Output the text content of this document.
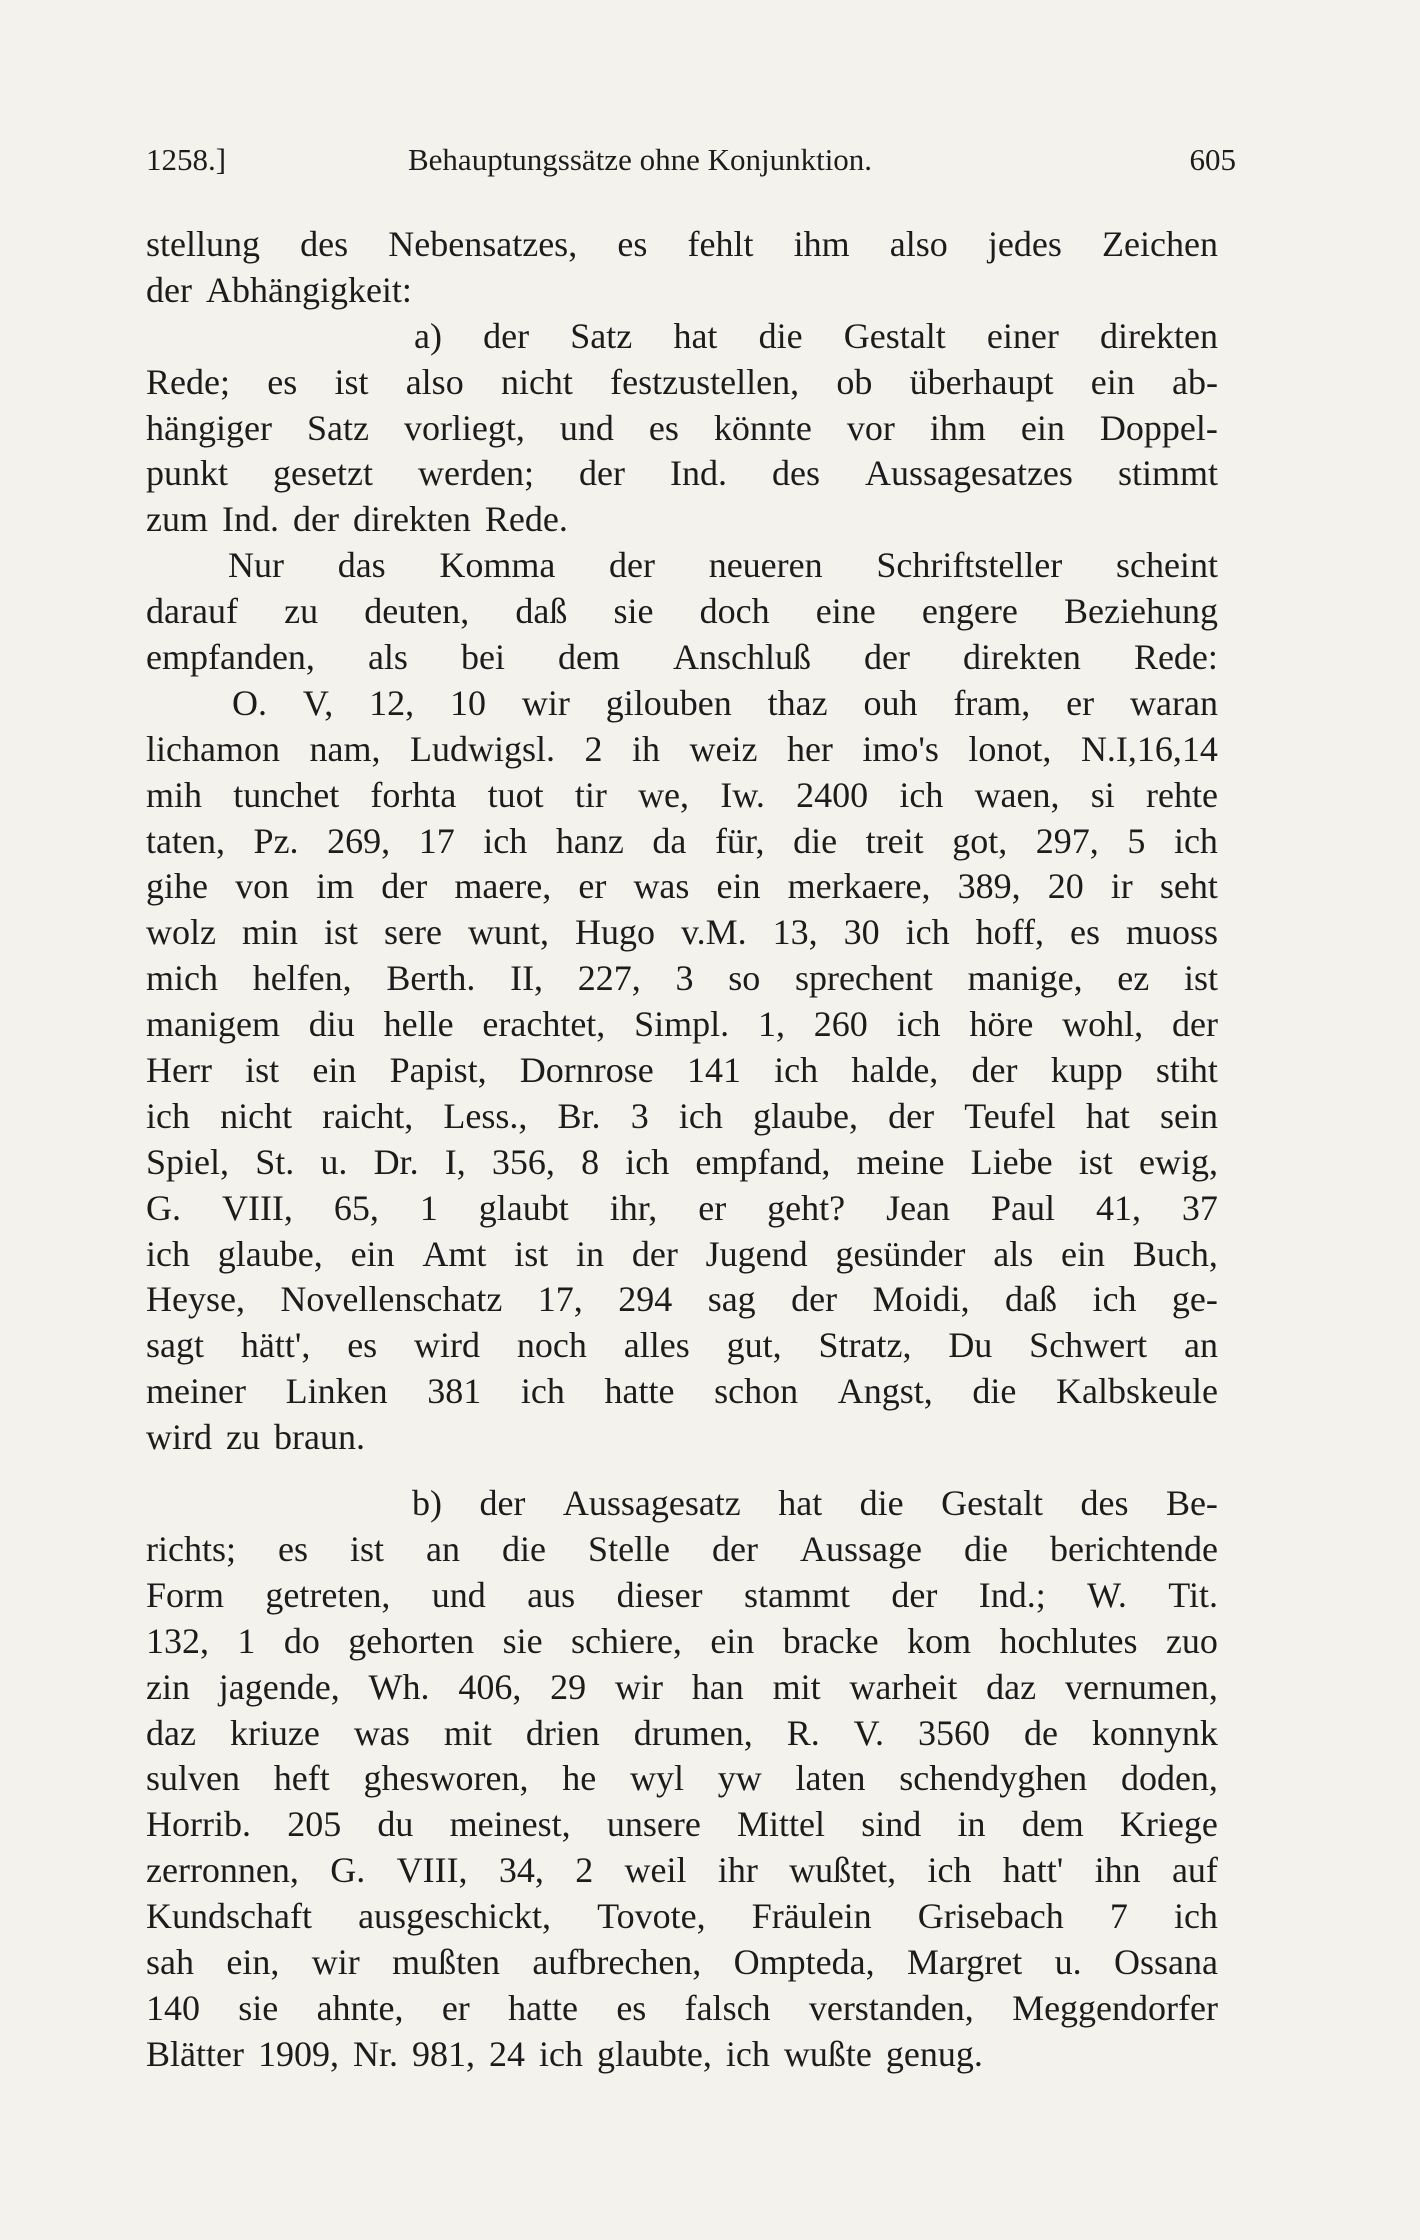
1258.]	Behauptungssätze ohne Konjunktion.	605
stellung des Nebensatzes, es fehlt ihm also jedes Zeichen
der Abhängigkeit:
a) der Satz hat die Gestalt einer direkten
Rede; es ist also nicht festzustellen, ob überhaupt ein ab-
hängiger Satz vorliegt, und es könnte vor ihm ein Doppel-
punkt gesetzt werden; der Ind. des Aussagesatzes stimmt
zum Ind. der direkten Rede.
Nur das Komma der neueren Schriftsteller scheint
darauf zu deuten, daß sie doch eine engere Beziehung
empfanden, als bei dem Anschluß der direkten Rede:
O. V, 12, 10 wir gilouben thaz ouh fram, er waran
lichamon nam, Ludwigsl. 2 ih weiz her imo's lonot, N.I,16,14
mih tunchet forhta tuot tir we, Iw. 2400 ich waen, si rehte
taten, Pz. 269, 17 ich hanz da für, die treit got, 297, 5 ich
gihe von im der maere, er was ein merkaere, 389, 20 ir seht
wolz min ist sere wunt, Hugo v.M. 13, 30 ich hoff, es muoss
mich helfen, Berth. II, 227, 3 so sprechent manige, ez ist
manigem diu helle erachtet, Simpl. 1, 260 ich höre wohl, der
Herr ist ein Papist, Dornrose 141 ich halde, der kupp stiht
ich nicht raicht, Less., Br. 3 ich glaube, der Teufel hat sein
Spiel, St. u. Dr. I, 356, 8 ich empfand, meine Liebe ist ewig,
G. VIII, 65, 1 glaubt ihr, er geht? Jean Paul 41, 37
ich glaube, ein Amt ist in der Jugend gesünder als ein Buch,
Heyse, Novellenschatz 17, 294 sag der Moidi, daß ich ge-
sagt hätt', es wird noch alles gut, Stratz, Du Schwert an
meiner Linken 381 ich hatte schon Angst, die Kalbskeule
wird zu braun.
b) der Aussagesatz hat die Gestalt des Be-
richts; es ist an die Stelle der Aussage die berichtende
Form getreten, und aus dieser stammt der Ind.; W. Tit.
132, 1 do gehorten sie schiere, ein bracke kom hochlutes zuo
zin jagende, Wh. 406, 29 wir han mit warheit daz vernumen,
daz kriuze was mit drien drumen, R. V. 3560 de konnynk
sulven heft ghesworen, he wyl yw laten schendyghen doden,
Horrib. 205 du meinest, unsere Mittel sind in dem Kriege
zerronnen, G. VIII, 34, 2 weil ihr wußtet, ich hatt' ihn auf
Kundschaft ausgeschickt, Tovote, Fräulein Grisebach 7 ich
sah ein, wir mußten aufbrechen, Ompteda, Margret u. Ossana
140 sie ahnte, er hatte es falsch verstanden, Meggendorfer
Blätter 1909, Nr. 981, 24 ich glaubte, ich wußte genug.
